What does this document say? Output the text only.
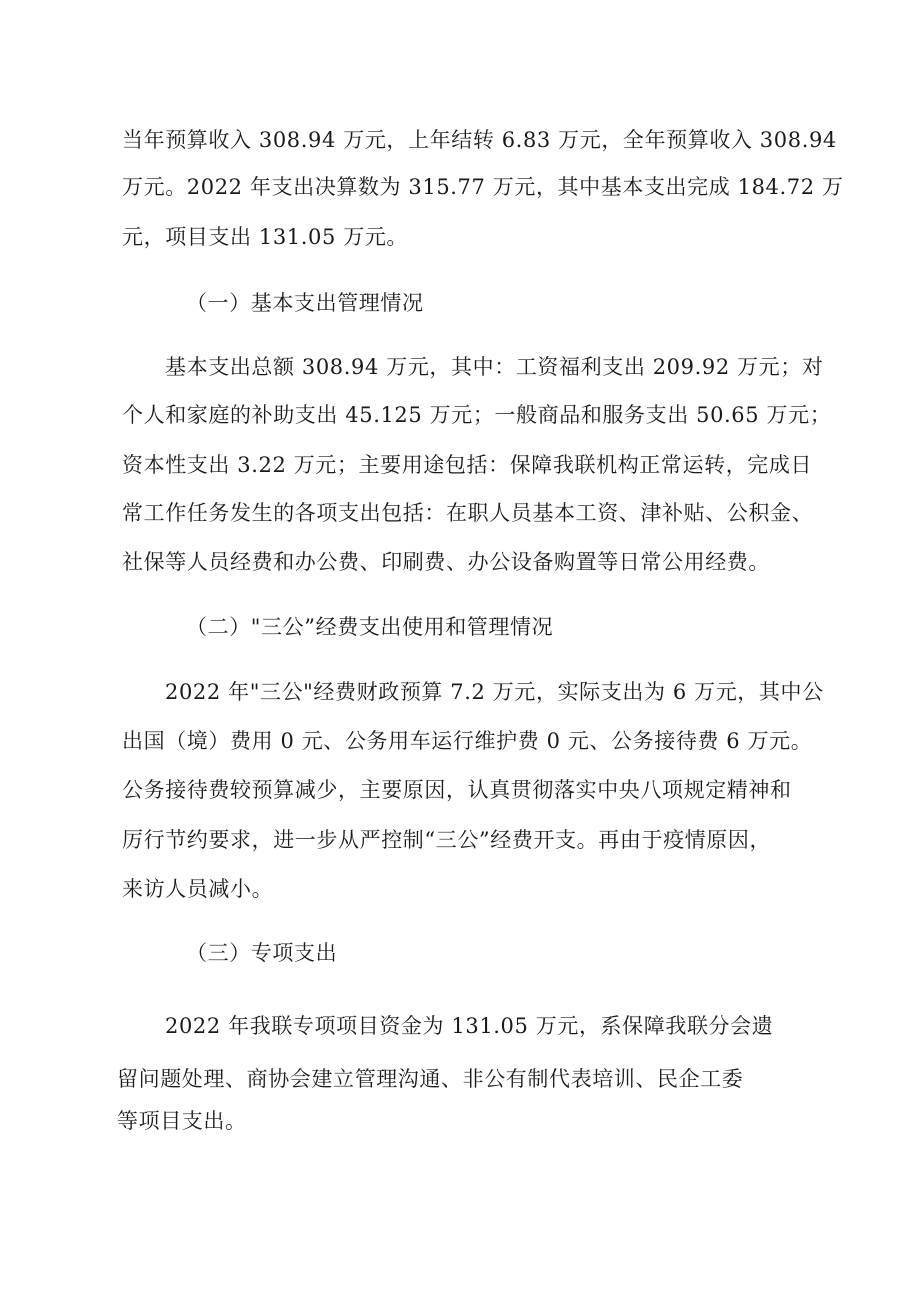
当年预算收入 308.94 万元，上年结转 6.83 万元，全年预算收入 308.94
万元。2022 年支出决算数为 315.77 万元，其中基本支出完成 184.72 万
元，项目支出 131.05 万元。
（一）基本支出管理情况
基本支出总额 308.94 万元，其中：工资福利支出 209.92 万元；对
个人和家庭的补助支出 45.125 万元；一般商品和服务支出 50.65 万元；
资本性支出 3.22 万元；主要用途包括：保障我联机构正常运转，完成日
常工作任务发生的各项支出包括：在职人员基本工资、津补贴、公积金、
社保等人员经费和办公费、印刷费、办公设备购置等日常公用经费。
（二）"三公”经费支出使用和管理情况
2022 年"三公"经费财政预算 7.2 万元，实际支出为 6 万元，其中公
出国（境）费用 0 元、公务用车运行维护费 0 元、公务接待费 6 万元。
公务接待费较预算减少，主要原因，认真贯彻落实中央八项规定精神和
厉行节约要求，进一步从严控制“三公”经费开支。再由于疫情原因，
来访人员减小。
（三）专项支出
2022 年我联专项项目资金为 131.05 万元，系保障我联分会遗
留问题处理、商协会建立管理沟通、非公有制代表培训、民企工委
等项目支出。
